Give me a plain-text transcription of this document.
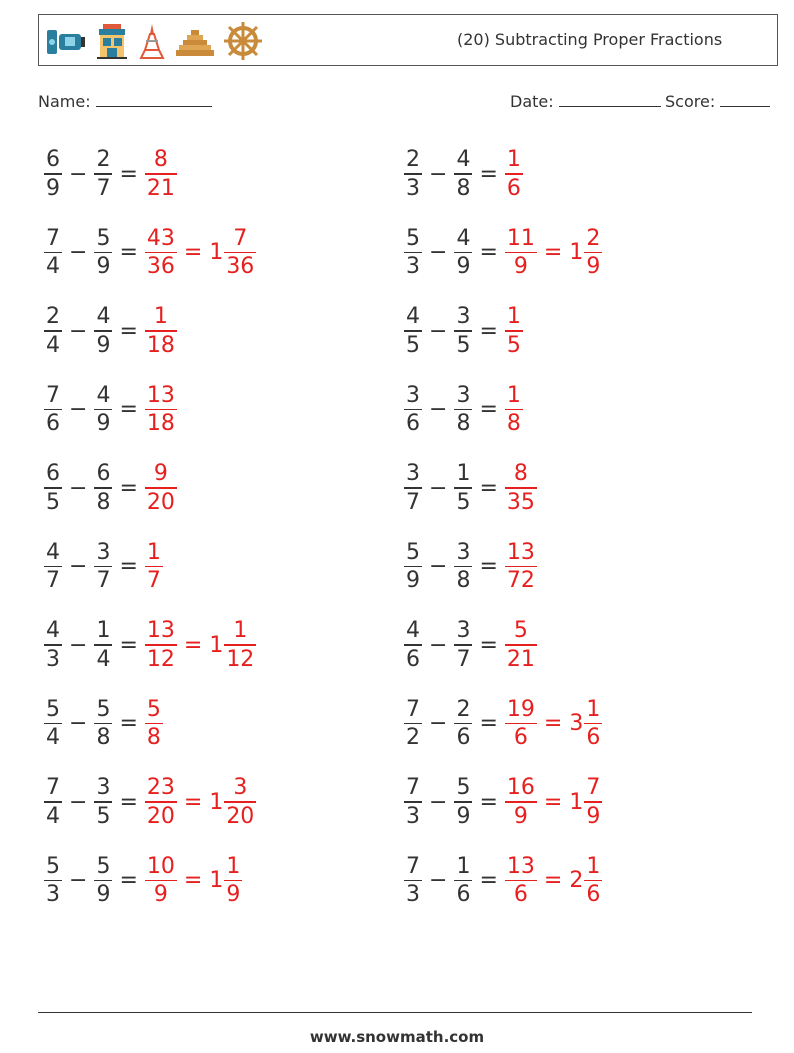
(20) Subtracting Proper Fractions
Name:	Date:	Score:
$\frac{6}{9} - \frac{2}{7} = \frac{8}{21}$	$\frac{2}{3} - \frac{4}{8} = \frac{1}{6}$
$\frac{7}{4} - \frac{5}{9} = \frac{43}{36} = 1 \frac{7}{36}$	$\frac{5}{3} - \frac{4}{9} = \frac{11}{9} = 1 \frac{2}{9}$
$\frac{2}{4} - \frac{4}{9} = \frac{1}{18}$	$\frac{4}{5} - \frac{3}{5} = \frac{1}{5}$
$\frac{7}{6} - \frac{4}{9} = \frac{13}{18}$	$\frac{3}{6} - \frac{3}{8} = \frac{1}{8}$
$\frac{6}{5} - \frac{6}{8} = \frac{9}{20}$	$\frac{3}{7} - \frac{1}{5} = \frac{8}{35}$
$\frac{4}{7} - \frac{3}{7} = \frac{1}{7}$	$\frac{5}{9} - \frac{3}{8} = \frac{13}{72}$
$\frac{4}{3} - \frac{1}{4} = \frac{13}{12} = 1 \frac{1}{12}$	$\frac{4}{6} - \frac{3}{7} = \frac{5}{21}$
$\frac{5}{4} - \frac{5}{8} = \frac{5}{8}$	$\frac{7}{2} - \frac{2}{6} = \frac{19}{6} = 3 \frac{1}{6}$
$\frac{7}{4} - \frac{3}{5} = \frac{23}{20} = 1 \frac{3}{20}$	$\frac{7}{3} - \frac{5}{9} = \frac{16}{9} = 1 \frac{7}{9}$
$\frac{5}{3} - \frac{5}{9} = \frac{10}{9} = 1 \frac{1}{9}$	$\frac{7}{3} - \frac{1}{6} = \frac{13}{6} = 2 \frac{1}{6}$
www.snowmath.com
